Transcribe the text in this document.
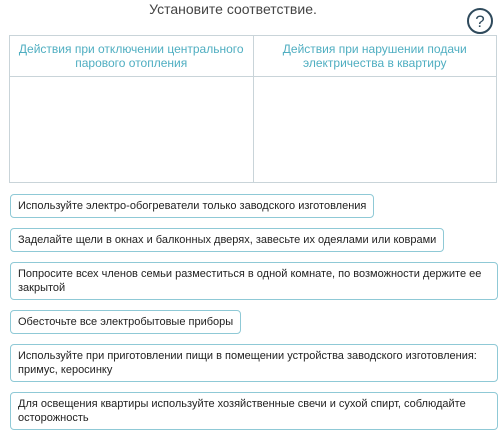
Установите соответствие.
?
Действия при отключении центрального парового отопления
Действия при нарушении подачи электричества в квартиру
Используйте электро-обогреватели только заводского изготовления
Заделайте щели в окнах и балконных дверях, завесьте их одеялами или коврами
Попросите всех членов семьи разместиться в одной комнате, по возможности держите ее закрытой
Обесточьте все электробытовые приборы
Используйте при приготовлении пищи в помещении устройства заводского изготовления: примус, керосинку
Для освещения квартиры используйте хозяйственные свечи и сухой спирт, соблюдайте осторожность
